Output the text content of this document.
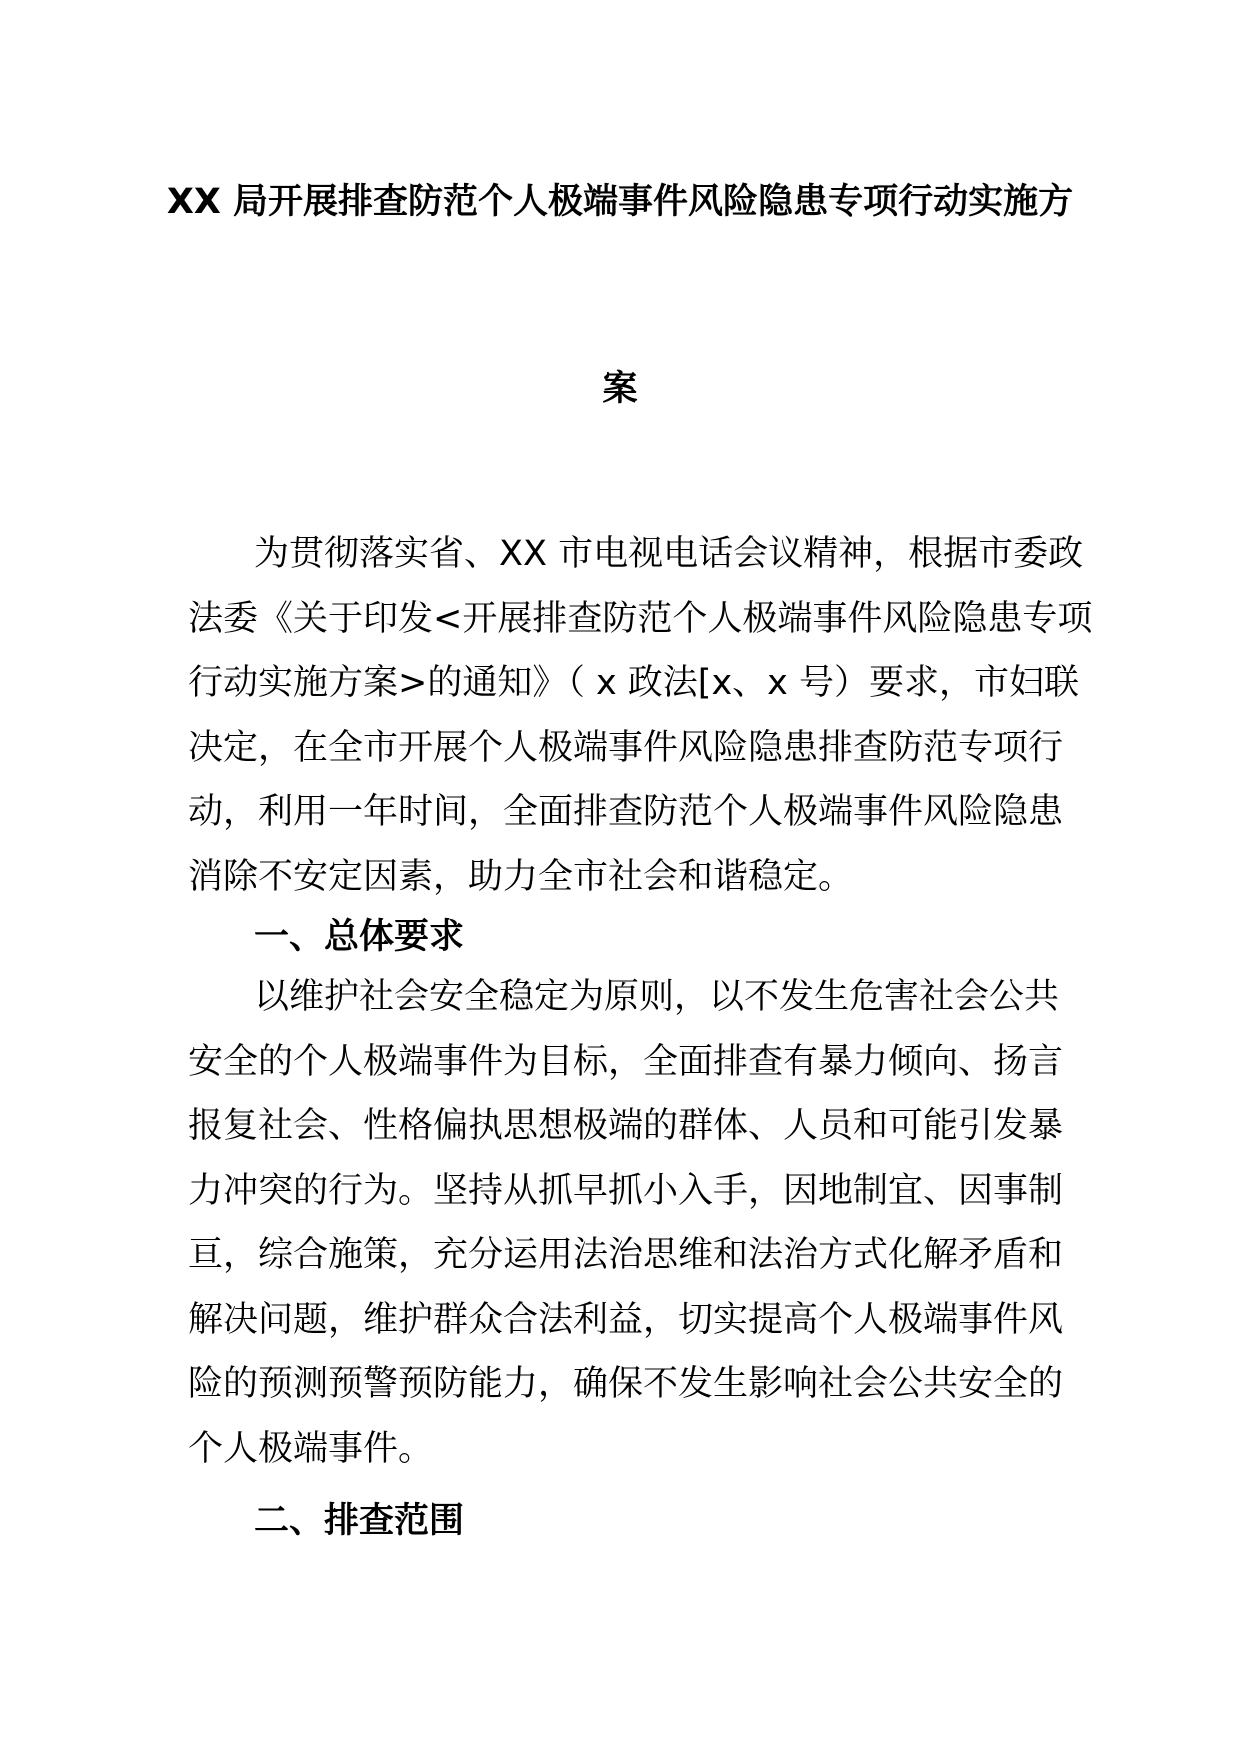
XX 局开展排查防范个人极端事件风险隐患专项行动实施方
案
为贯彻落实省、XX 市电视电话会议精神，根据市委政
法委《关于印发<开展排查防范个人极端事件风险隐患专项
行动实施方案>的通知》（ x 政法[x、x 号）要求，市妇联
决定，在全市开展个人极端事件风险隐患排查防范专项行
动，利用一年时间，全面排查防范个人极端事件风险隐患
消除不安定因素，助力全市社会和谐稳定。
一、总体要求
以维护社会安全稳定为原则，以不发生危害社会公共
安全的个人极端事件为目标，全面排查有暴力倾向、扬言
报复社会、性格偏执思想极端的群体、人员和可能引发暴
力冲突的行为。坚持从抓早抓小入手，因地制宜、因事制
亘，综合施策，充分运用法治思维和法治方式化解矛盾和
解决问题，维护群众合法利益，切实提高个人极端事件风
险的预测预警预防能力，确保不发生影响社会公共安全的
个人极端事件。
二、排查范围
